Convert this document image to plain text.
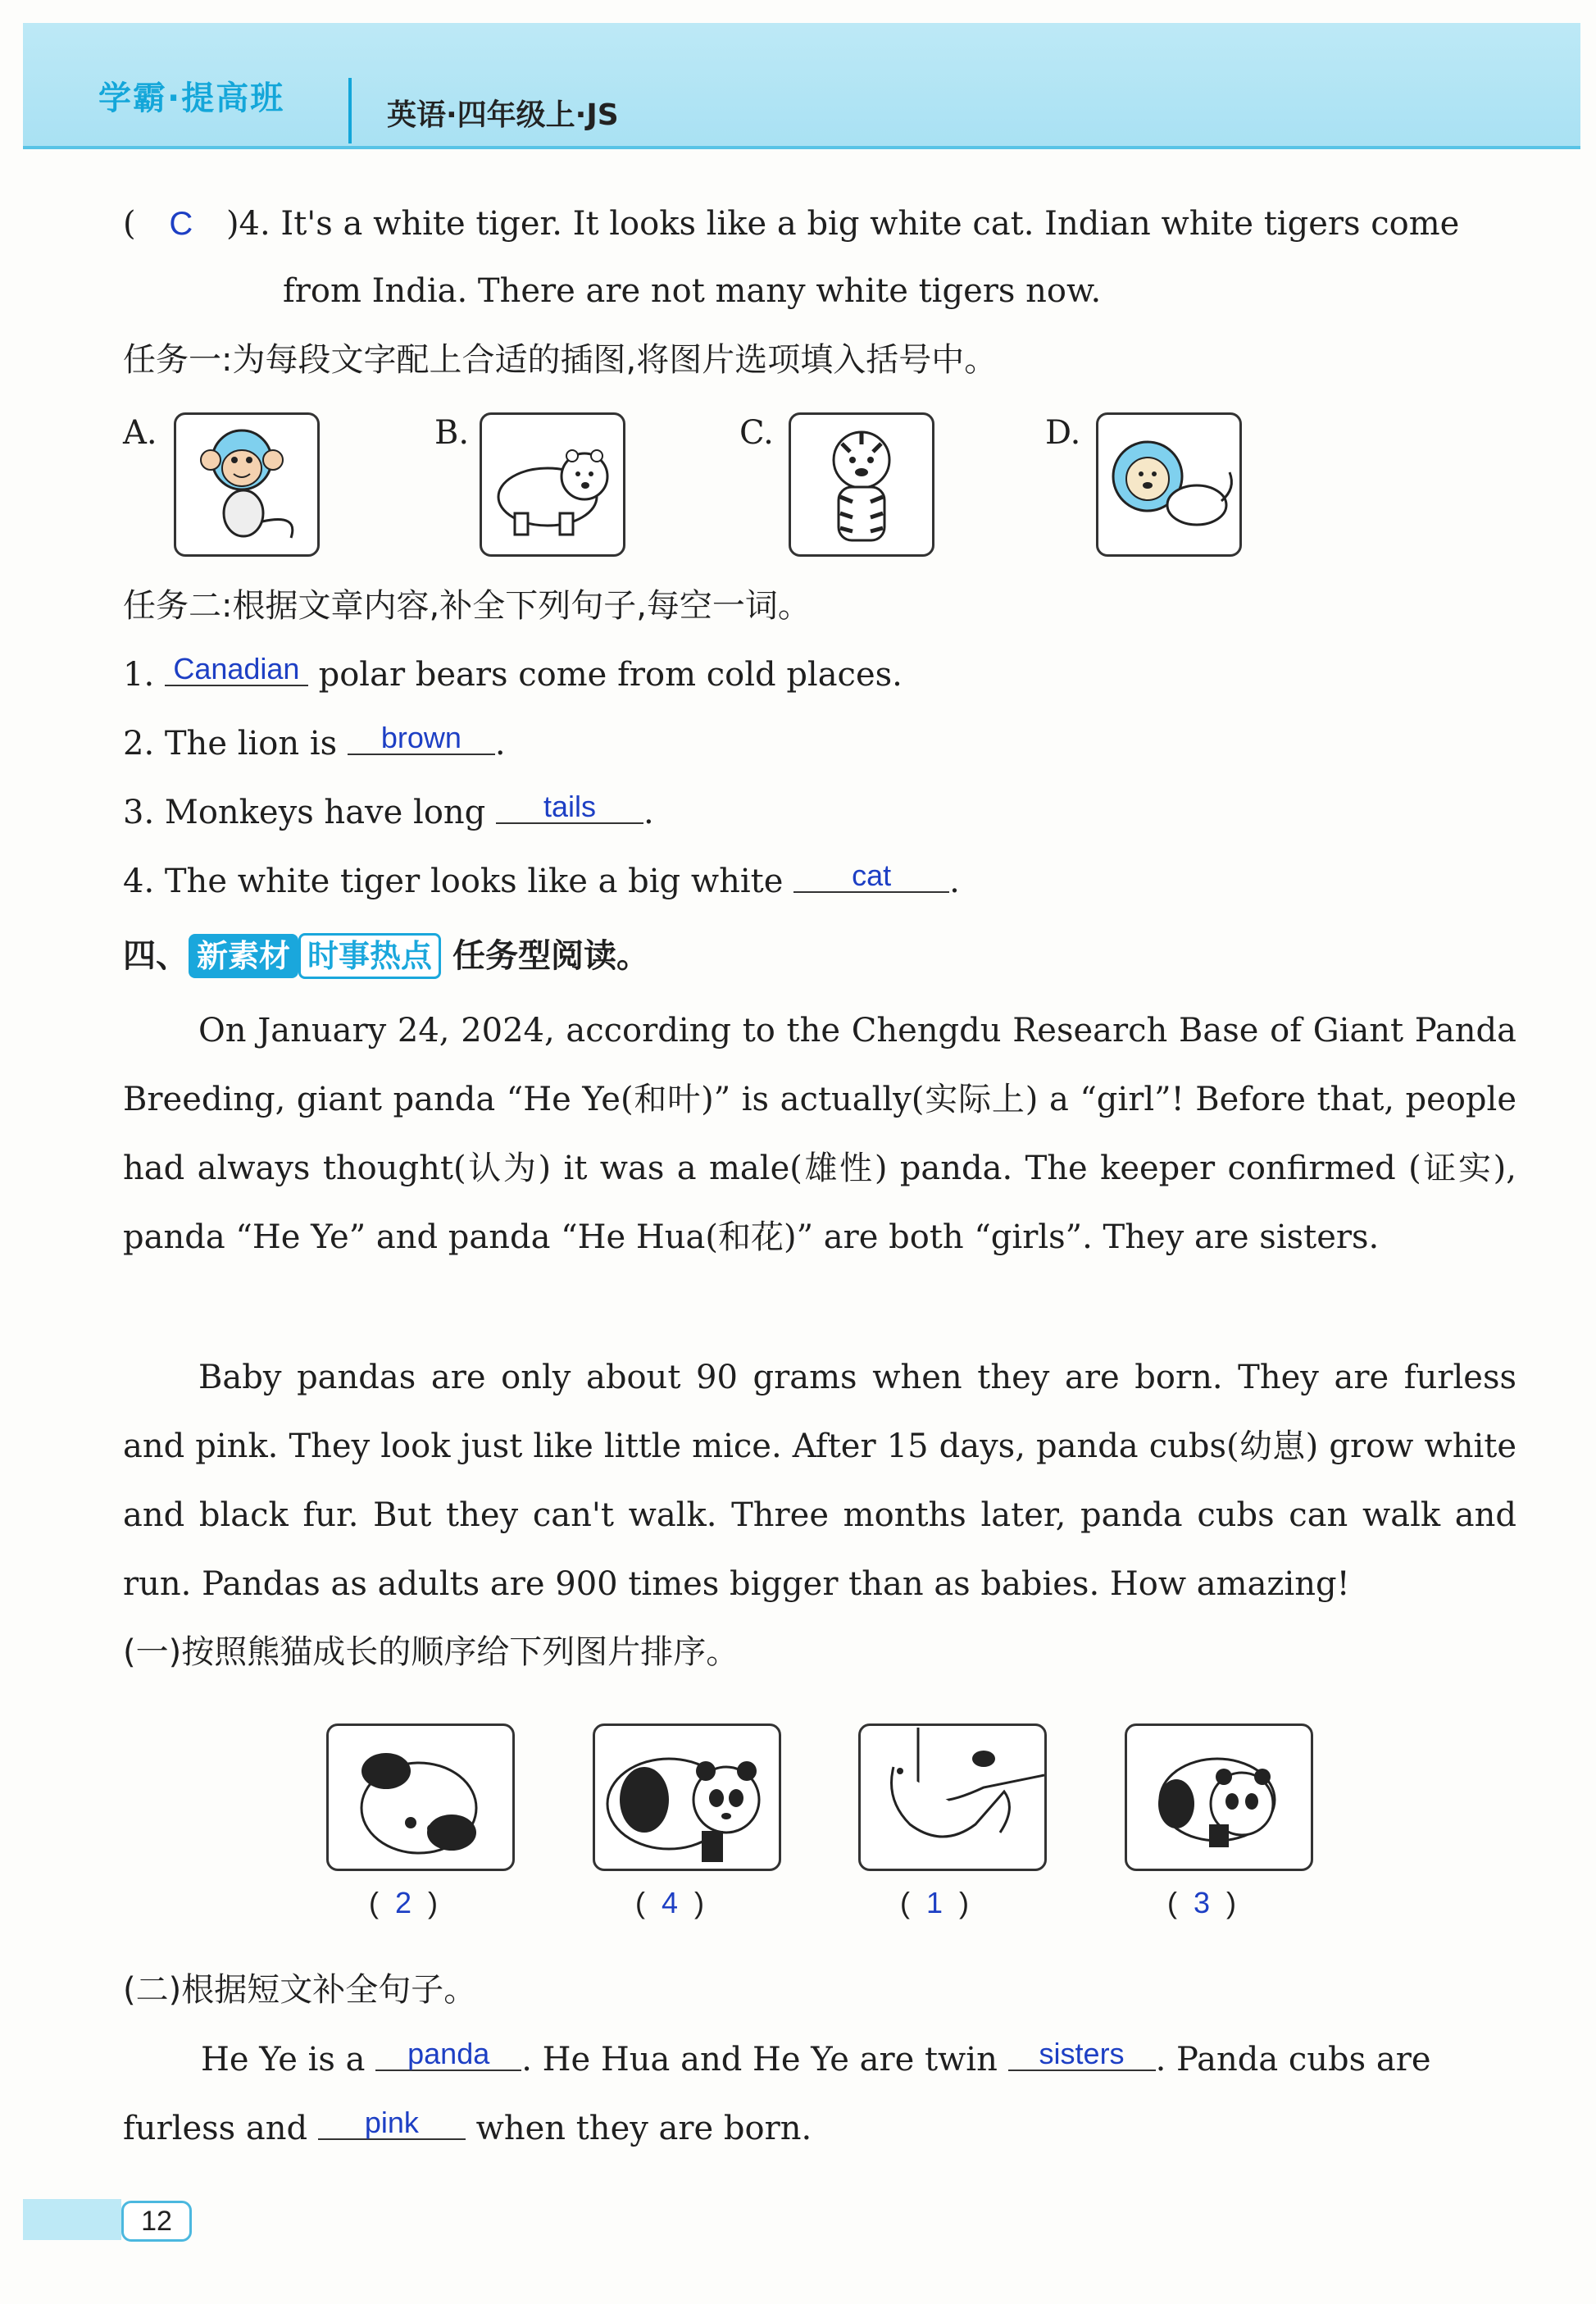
学霸·提高班	英语·四年级上·JS
( C )4. It's a white tiger. It looks like a big white cat. Indian white tigers come
from India. There are not many white tigers now.
任务一:为每段文字配上合适的插图,将图片选项填入括号中。
A.	B.	C.	D.
任务二:根据文章内容,补全下列句子,每空一词。
1. Canadian polar bears come from cold places.
2. The lion is brown .
3. Monkeys have long tails .
4. The white tiger looks like a big white cat .
四、 新素材 时事热点 任务型阅读。
On January 24, 2024, according to the Chengdu Research Base of Giant Panda Breeding, giant panda “He Ye(和叶)” is actually(实际上) a “girl”! Before that, people had always thought(认为) it was a male(雄性) panda. The keeper confirmed (证实), panda “He Ye” and panda “He Hua(和花)” are both “girls”. They are sisters.
Baby pandas are only about 90 grams when they are born. They are furless and pink. They look just like little mice. After 15 days, panda cubs(幼崽) grow white and black fur. But they can't walk. Three months later, panda cubs can walk and run. Pandas as adults are 900 times bigger than as babies. How amazing!
(一)按照熊猫成长的顺序给下列图片排序。
(  2  )	(  4  )	(  1  )	(  3  )
(二)根据短文补全句子。
He Ye is a panda . He Hua and He Ye are twin sisters . Panda cubs are
furless and pink when they are born.
12
